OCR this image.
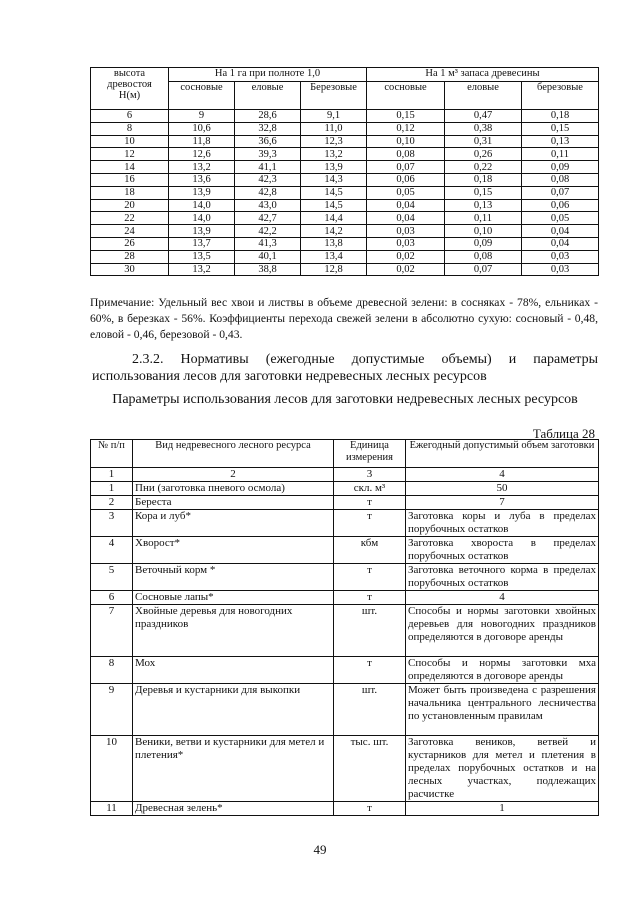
высота
древостоя
Н(м)	На 1 га при полноте 1,0			На 1 м³ запаса древесины		
	сосновые	еловые	Березовые	сосновые	еловые	березовые
6	9	28,6	9,1	0,15	0,47	0,18
8	10,6	32,8	11,0	0,12	0,38	0,15
10	11,8	36,6	12,3	0,10	0,31	0,13
12	12,6	39,3	13,2	0,08	0,26	0,11
14	13,2	41,1	13,9	0,07	0,22	0,09
16	13,6	42,3	14,3	0,06	0,18	0,08
18	13,9	42,8	14,5	0,05	0,15	0,07
20	14,0	43,0	14,5	0,04	0,13	0,06
22	14,0	42,7	14,4	0,04	0,11	0,05
24	13,9	42,2	14,2	0,03	0,10	0,04
26	13,7	41,3	13,8	0,03	0,09	0,04
28	13,5	40,1	13,4	0,02	0,08	0,03
30	13,2	38,8	12,8	0,02	0,07	0,03
Примечание: Удельный вес хвои и листвы в объеме древесной зелени: в сосняках - 78%, ельниках - 60%, в березках - 56%. Коэффициенты перехода свежей зелени в абсолютно сухую: сосновый - 0,48, еловой - 0,46, березовой - 0,43.
2.3.2. Нормативы (ежегодные допустимые объемы) и параметры использования лесов для заготовки недревесных лесных ресурсов
Параметры использования лесов для заготовки недревесных лесных ресурсов
Таблица 28
№ п/п	Вид недревесного лесного ресурса	Единица измерения	Ежегодный допустимый объем заготовки
1	2	3	4
1	Пни (заготовка пневого осмола)	скл. м³	50
2	Береста	т	7
3	Кора и луб*	т	Заготовка коры и луба в пределах порубочных остатков
4	Хворост*	кбм	Заготовка хвороста в пределах порубочных остатков
5	Веточный корм *	т	Заготовка веточного корма в пределах порубочных остатков
6	Сосновые лапы*	т	4
7	Хвойные деревья для новогодних праздников	шт.	Способы и нормы заготовки хвойных деревьев для новогодних праздников определяются в договоре аренды
8	Мох	т	Способы и нормы заготовки мха определяются в договоре аренды
9	Деревья и кустарники для выкопки	шт.	Может быть произведена с разрешения начальника центрального лесничества по установленным правилам
10	Веники, ветви и кустарники для метел и плетения*	тыс. шт.	Заготовка веников, ветвей и кустарников для метел и плетения в пределах порубочных остатков и на лесных участках, подлежащих расчистке
11	Древесная зелень*	т	1
49
